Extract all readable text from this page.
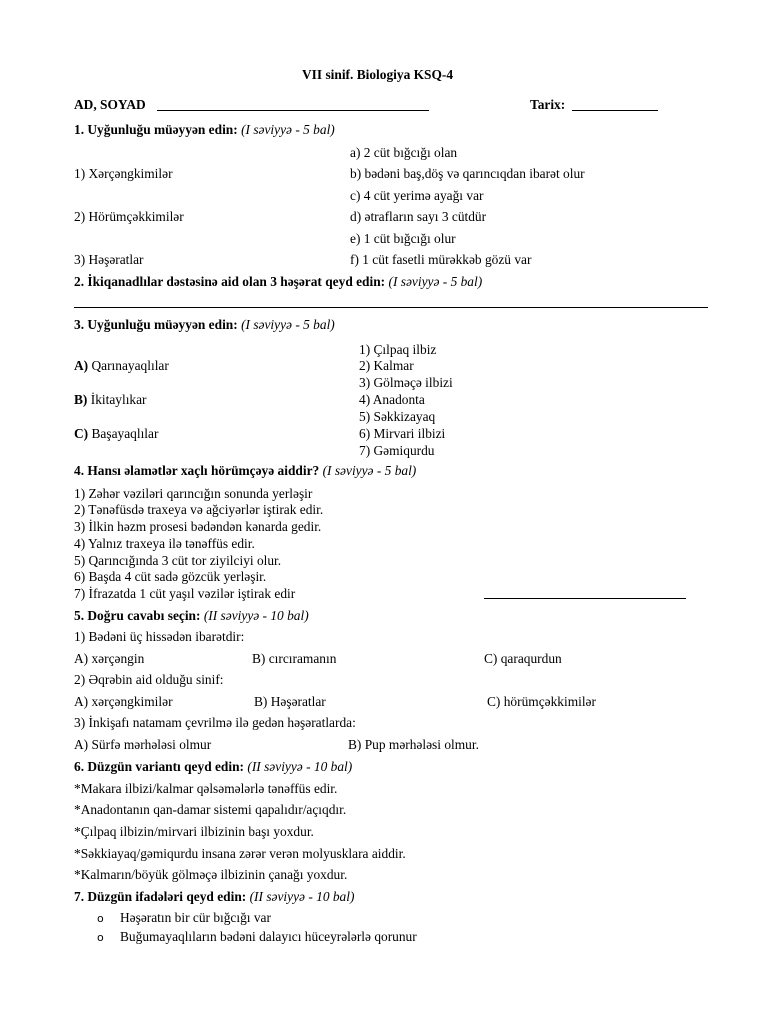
VII sinif. Biologiya KSQ-4
AD, SOYAD	Tarix:
1. Uyğunluğu müəyyən edin: (I səviyyə - 5 bal)
a) 2 cüt bığcığı olan
1) Xərçəngkimilər	b) bədəni baş,döş və qarıncıqdan ibarət olur
c) 4 cüt yerimə ayağı var
2) Hörümçəkkimilər	d) ətrafların sayı 3 cütdür
e) 1 cüt bığcığı olur
3) Həşəratlar	f) 1 cüt fasetli mürəkkəb gözü var
2. İkiqanadlılar dəstəsinə aid olan 3 həşərat qeyd edin: (I səviyyə - 5 bal)
3. Uyğunluğu müəyyən edin: (I səviyyə - 5 bal)
1) Çılpaq ilbiz
A) Qarınayaqlılar	2) Kalmar
3) Gölməçə ilbizi
B) İkitaylıkar	4) Anadonta
5) Səkkizayaq
C) Başayaqlılar	6) Mirvari ilbizi
7) Gəmiqurdu
4. Hansı əlamətlər xaçlı hörümçəyə aiddir? (I səviyyə - 5 bal)
1) Zəhər vəziləri qarıncığın sonunda yerləşir
2) Tənəfüsdə traxeya və ağciyərlər iştirak edir.
3) İlkin həzm prosesi bədəndən kənarda gedir.
4) Yalnız traxeya ilə tənəffüs edir.
5) Qarıncığında 3 cüt tor ziyilciyi olur.
6) Başda 4 cüt sadə gözcük yerləşir.
7) İfrazatda 1 cüt yaşıl vəzilər iştirak edir
5. Doğru cavabı seçin: (II səviyyə - 10 bal)
1) Bədəni üç hissədən ibarətdir:
A) xərçəngin	B) cırcıramanın	C) qaraqurdun
2) Əqrəbin aid olduğu sinif:
A) xərçəngkimilər	B) Həşəratlar	C) hörümçəkkimilər
3) İnkişafı natamam çevrilmə ilə gedən həşəratlarda:
A) Sürfə mərhələsi olmur	B) Pup mərhələsi olmur.
6. Düzgün variantı qeyd edin: (II səviyyə - 10 bal)
*Makara ilbizi/kalmar qəlsəmələrlə tənəffüs edir.
*Anadontanın qan-damar sistemi qapalıdır/açıqdır.
*Çılpaq ilbizin/mirvari ilbizinin başı yoxdur.
*Səkkiayaq/gəmiqurdu insana zərər verən molyusklara aiddir.
*Kalmarın/böyük gölməçə ilbizinin çanağı yoxdur.
7. Düzgün ifadələri qeyd edin: (II səviyyə - 10 bal)
o Həşəratın bir cür bığcığı var
o Buğumayaqlıların bədəni dalayıcı hüceyrələrlə qorunur
